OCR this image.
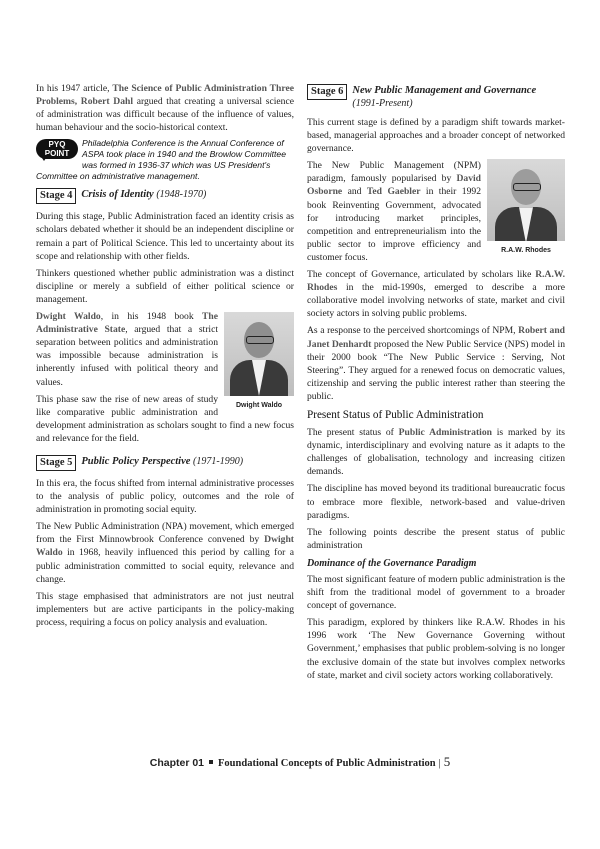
In his 1947 article, The Science of Public Administration Three Problems, Robert Dahl argued that creating a universal science of administration was difficult because of the influence of values, human behaviour and the socio-historical context.

PYQ
POINT
Philadelphia Conference is the Annual Conference of ASPA took place in 1940 and the Browlow Committee was formed in 1936-37 which was US President's Committee on administrative management.
Stage 4 Crisis of Identity (1948-1970)

During this stage, Public Administration faced an identity crisis as scholars debated whether it should be an independent discipline or remain a part of Political Science. This led to uncertainty about its scope and relationship with other fields.

Thinkers questioned whether public administration was a distinct discipline or merely a subfield of either political science or management.

Dwight Waldo

Dwight Waldo, in his 1948 book The Administrative State, argued that a strict separation between politics and administration was impossible because administration is inherently infused with political theory and values.

This phase saw the rise of new areas of study like comparative public administration and development administration as scholars sought to find a new focus and relevance for the field.

Stage 5 Public Policy Perspective (1971-1990)

In this era, the focus shifted from internal administrative processes to the analysis of public policy, outcomes and the role of administration in promoting social equity.

The New Public Administration (NPA) movement, which emerged from the First Minnowbrook Conference convened by Dwight Waldo in 1968, heavily influenced this period by calling for a public administration committed to social equity, relevance and change.

This stage emphasised that administrators are not just neutral implementers but are active participants in the policy-making process, requiring a focus on policy analysis and evaluation.

Stage 6 New Public Management and Governance (1991-Present)

This current stage is defined by a paradigm shift towards market-based, managerial approaches and a broader concept of networked governance.

R.A.W. Rhodes

The New Public Management (NPM) paradigm, famously popularised by David Osborne and Ted Gaebler in their 1992 book Reinventing Government, advocated for introducing market principles, competition and entrepreneurialism into the public sector to improve efficiency and customer focus.

The concept of Governance, articulated by scholars like R.A.W. Rhodes in the mid-1990s, emerged to describe a more collaborative model involving networks of state, market and civil society actors in solving public problems.

As a response to the perceived shortcomings of NPM, Robert and Janet Denhardt proposed the New Public Service (NPS) model in their 2000 book “The New Public Service : Serving, Not Steering”. They argued for a renewed focus on democratic values, citizenship and serving the public interest rather than steering the public.

Present Status of Public Administration

The present status of Public Administration is marked by its dynamic, interdisciplinary and evolving nature as it adapts to the challenges of globalisation, technology and increasing citizen demands.

The discipline has moved beyond its traditional bureaucratic focus to embrace more flexible, network-based and value-driven paradigms.

The following points describe the present status of public administration

Dominance of the Governance Paradigm

The most significant feature of modern public administration is the shift from the traditional model of government to a broader concept of governance.

This paradigm, explored by thinkers like R.A.W. Rhodes in his 1996 work ‘The New Governance Governing without Government,’ emphasises that public problem-solving is no longer the exclusive domain of the state but involves complex networks of state, market and civil society actors working collaboratively.

Chapter 01 Foundational Concepts of Public Administration | 5
